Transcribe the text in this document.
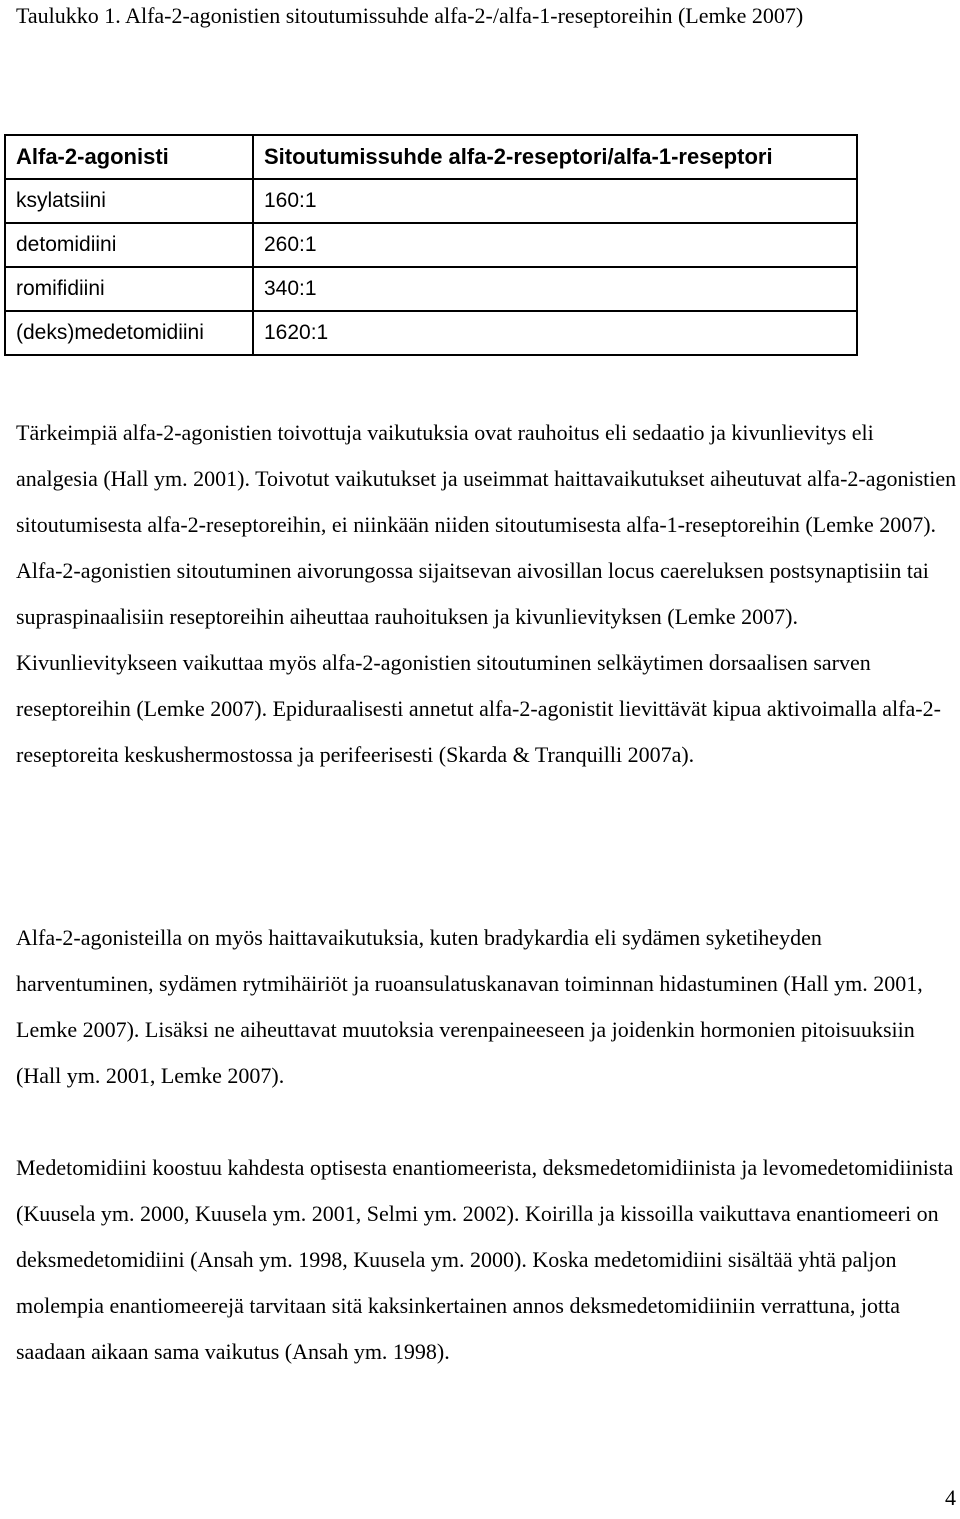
Taulukko 1. Alfa-2-agonistien sitoutumissuhde alfa-2-/alfa-1-reseptoreihin (Lemke 2007)

Alfa-2-agonisti	Sitoutumissuhde alfa-2-reseptori/alfa-1-reseptori
ksylatsiini	160:1
detomidiini	260:1
romifidiini	340:1
(deks)medetomidiini	1620:1

Tärkeimpiä alfa-2-agonistien toivottuja vaikutuksia ovat rauhoitus eli sedaatio ja kivunlievitys eli analgesia (Hall ym. 2001). Toivotut vaikutukset ja useimmat haittavaikutukset aiheutuvat alfa-2-agonistien sitoutumisesta alfa-2-reseptoreihin, ei niinkään niiden sitoutumisesta alfa-1-reseptoreihin (Lemke 2007). Alfa-2-agonistien sitoutuminen aivorungossa sijaitsevan aivosillan locus caereluksen postsynaptisiin tai supraspinaalisiin reseptoreihin aiheuttaa rauhoituksen ja kivunlievityksen (Lemke 2007). Kivunlievitykseen vaikuttaa myös alfa-2-agonistien sitoutuminen selkäytimen dorsaalisen sarven reseptoreihin (Lemke 2007). Epiduraalisesti annetut alfa-2-agonistit lievittävät kipua aktivoimalla alfa-2-reseptoreita keskushermostossa ja perifeerisesti (Skarda & Tranquilli 2007a).

Alfa-2-agonisteilla on myös haittavaikutuksia, kuten bradykardia eli sydämen syketiheyden harventuminen, sydämen rytmihäiriöt ja ruoansulatuskanavan toiminnan hidastuminen (Hall ym. 2001, Lemke 2007). Lisäksi ne aiheuttavat muutoksia verenpaineeseen ja joidenkin hormonien pitoisuuksiin (Hall ym. 2001, Lemke 2007).

Medetomidiini koostuu kahdesta optisesta enantiomeerista, deksmedetomidiinista ja levomedetomidiinista (Kuusela ym. 2000, Kuusela ym. 2001, Selmi ym. 2002). Koirilla ja kissoilla vaikuttava enantiomeeri on deksmedetomidiini (Ansah ym. 1998, Kuusela ym. 2000). Koska medetomidiini sisältää yhtä paljon molempia enantiomeerejä tarvitaan sitä kaksinkertainen annos deksmedetomidiiniin verrattuna, jotta saadaan aikaan sama vaikutus (Ansah ym. 1998).

4
